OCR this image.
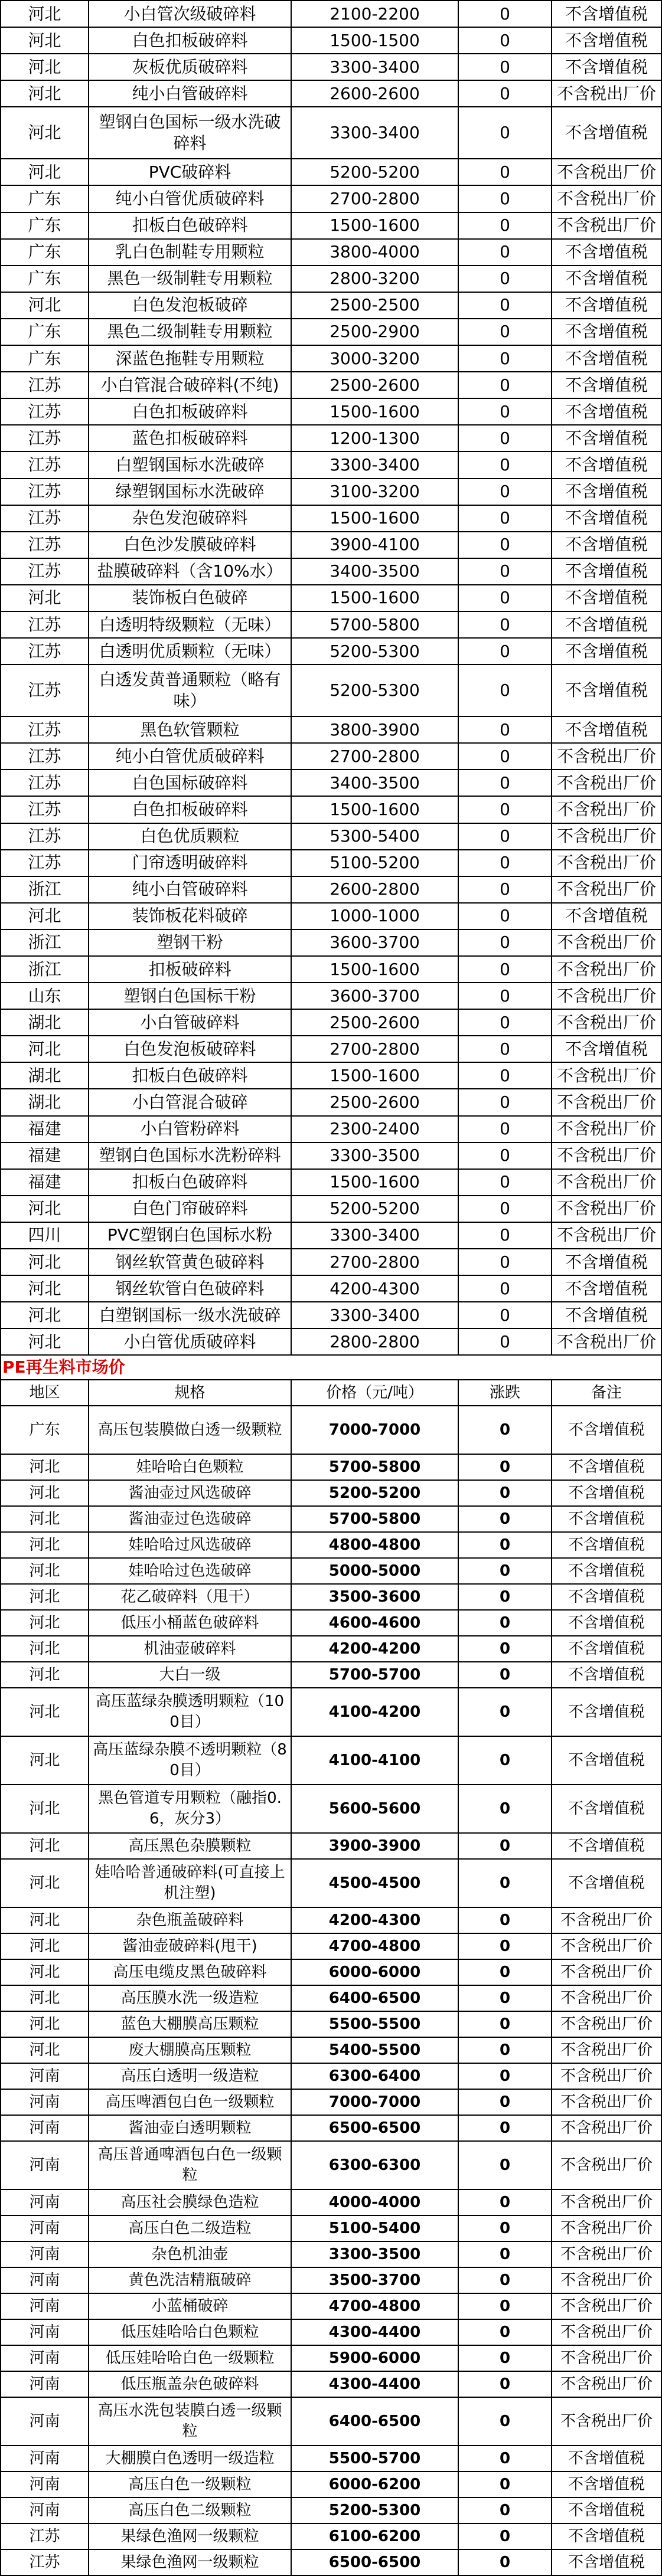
河北	小白管次级破碎料	2100-2200	0	不含增值税
河北	白色扣板破碎料	1500-1500	0	不含增值税
河北	灰板优质破碎料	3300-3400	0	不含增值税
河北	纯小白管破碎料	2600-2600	0	不含税出厂价
河北	塑钢白色国标一级水洗破碎料	3300-3400	0	不含增值税
河北	PVC破碎料	5200-5200	0	不含税出厂价
广东	纯小白管优质破碎料	2700-2800	0	不含税出厂价
广东	扣板白色破碎料	1500-1600	0	不含税出厂价
广东	乳白色制鞋专用颗粒	3800-4000	0	不含增值税
广东	黑色一级制鞋专用颗粒	2800-3200	0	不含增值税
河北	白色发泡板破碎	2500-2500	0	不含增值税
广东	黑色二级制鞋专用颗粒	2500-2900	0	不含增值税
广东	深蓝色拖鞋专用颗粒	3000-3200	0	不含增值税
江苏	小白管混合破碎料(不纯)	2500-2600	0	不含增值税
江苏	白色扣板破碎料	1500-1600	0	不含增值税
江苏	蓝色扣板破碎料	1200-1300	0	不含增值税
江苏	白塑钢国标水洗破碎	3300-3400	0	不含增值税
江苏	绿塑钢国标水洗破碎	3100-3200	0	不含增值税
江苏	杂色发泡破碎料	1500-1600	0	不含增值税
江苏	白色沙发膜破碎料	3900-4100	0	不含增值税
江苏	盐膜破碎料（含10%水）	3400-3500	0	不含增值税
河北	装饰板白色破碎	1500-1600	0	不含增值税
江苏	白透明特级颗粒（无味）	5700-5800	0	不含增值税
江苏	白透明优质颗粒（无味）	5200-5300	0	不含增值税
江苏	白透发黄普通颗粒（略有味）	5200-5300	0	不含增值税
江苏	黑色软管颗粒	3800-3900	0	不含增值税
江苏	纯小白管优质破碎料	2700-2800	0	不含税出厂价
江苏	白色国标破碎料	3400-3500	0	不含税出厂价
江苏	白色扣板破碎料	1500-1600	0	不含税出厂价
江苏	白色优质颗粒	5300-5400	0	不含税出厂价
江苏	门帘透明破碎料	5100-5200	0	不含税出厂价
浙江	纯小白管破碎料	2600-2800	0	不含税出厂价
河北	装饰板花料破碎	1000-1000	0	不含增值税
浙江	塑钢干粉	3600-3700	0	不含税出厂价
浙江	扣板破碎料	1500-1600	0	不含税出厂价
山东	塑钢白色国标干粉	3600-3700	0	不含税出厂价
湖北	小白管破碎料	2500-2600	0	不含税出厂价
河北	白色发泡板破碎料	2700-2800	0	不含增值税
湖北	扣板白色破碎料	1500-1600	0	不含税出厂价
湖北	小白管混合破碎	2500-2600	0	不含税出厂价
福建	小白管粉碎料	2300-2400	0	不含税出厂价
福建	塑钢白色国标水洗粉碎料	3300-3500	0	不含税出厂价
福建	扣板白色破碎料	1500-1600	0	不含税出厂价
河北	白色门帘破碎料	5200-5200	0	不含税出厂价
四川	PVC塑钢白色国标水粉	3300-3400	0	不含税出厂价
河北	钢丝软管黄色破碎料	2700-2800	0	不含增值税
河北	钢丝软管白色破碎料	4200-4300	0	不含增值税
河北	白塑钢国标一级水洗破碎	3300-3400	0	不含增值税
河北	小白管优质破碎料	2800-2800	0	不含税出厂价
PE再生料市场价
地区	规格	价格（元/吨）	涨跌	备注
广东	高压包装膜做白透一级颗粒	7000-7000	0	不含增值税
河北	娃哈哈白色颗粒	5700-5800	0	不含增值税
河北	酱油壶过风选破碎	5200-5200	0	不含增值税
河北	酱油壶过色选破碎	5700-5800	0	不含增值税
河北	娃哈哈过风选破碎	4800-4800	0	不含增值税
河北	娃哈哈过色选破碎	5000-5000	0	不含增值税
河北	花乙破碎料（甩干）	3500-3600	0	不含增值税
河北	低压小桶蓝色破碎料	4600-4600	0	不含增值税
河北	机油壶破碎料	4200-4200	0	不含增值税
河北	大白一级	5700-5700	0	不含增值税
河北	高压蓝绿杂膜透明颗粒（100目）	4100-4200	0	不含增值税
河北	高压蓝绿杂膜不透明颗粒（80目）	4100-4100	0	不含增值税
河北	黑色管道专用颗粒（融指0.6，灰分3）	5600-5600	0	不含增值税
河北	高压黑色杂膜颗粒	3900-3900	0	不含增值税
河北	娃哈哈普通破碎料(可直接上机注塑)	4500-4500	0	不含增值税
河北	杂色瓶盖破碎料	4200-4300	0	不含税出厂价
河北	酱油壶破碎料(甩干)	4700-4800	0	不含税出厂价
河北	高压电缆皮黑色破碎料	6000-6000	0	不含税出厂价
河北	高压膜水洗一级造粒	6400-6500	0	不含税出厂价
河北	蓝色大棚膜高压颗粒	5500-5500	0	不含税出厂价
河北	废大棚膜高压颗粒	5400-5500	0	不含税出厂价
河南	高压白透明一级造粒	6300-6400	0	不含税出厂价
河南	高压啤酒包白色一级颗粒	7000-7000	0	不含税出厂价
河南	酱油壶白透明颗粒	6500-6500	0	不含税出厂价
河南	高压普通啤酒包白色一级颗粒	6300-6300	0	不含税出厂价
河南	高压社会膜绿色造粒	4000-4000	0	不含税出厂价
河南	高压白色二级造粒	5100-5400	0	不含税出厂价
河南	杂色机油壶	3300-3500	0	不含税出厂价
河南	黄色洗洁精瓶破碎	3500-3700	0	不含税出厂价
河南	小蓝桶破碎	4700-4800	0	不含税出厂价
河南	低压娃哈哈白色颗粒	4300-4400	0	不含税出厂价
河南	低压娃哈哈白色一级颗粒	5900-6000	0	不含税出厂价
河南	低压瓶盖杂色破碎料	4300-4400	0	不含税出厂价
河南	高压水洗包装膜白透一级颗粒	6400-6500	0	不含税出厂价
河南	大棚膜白色透明一级造粒	5500-5700	0	不含增值税
河南	高压白色一级颗粒	6000-6200	0	不含增值税
河南	高压白色二级颗粒	5200-5300	0	不含增值税
江苏	果绿色渔网一级颗粒	6100-6200	0	不含增值税
江苏	果绿色渔网一级颗粒	6500-6500	0	不含增值税
